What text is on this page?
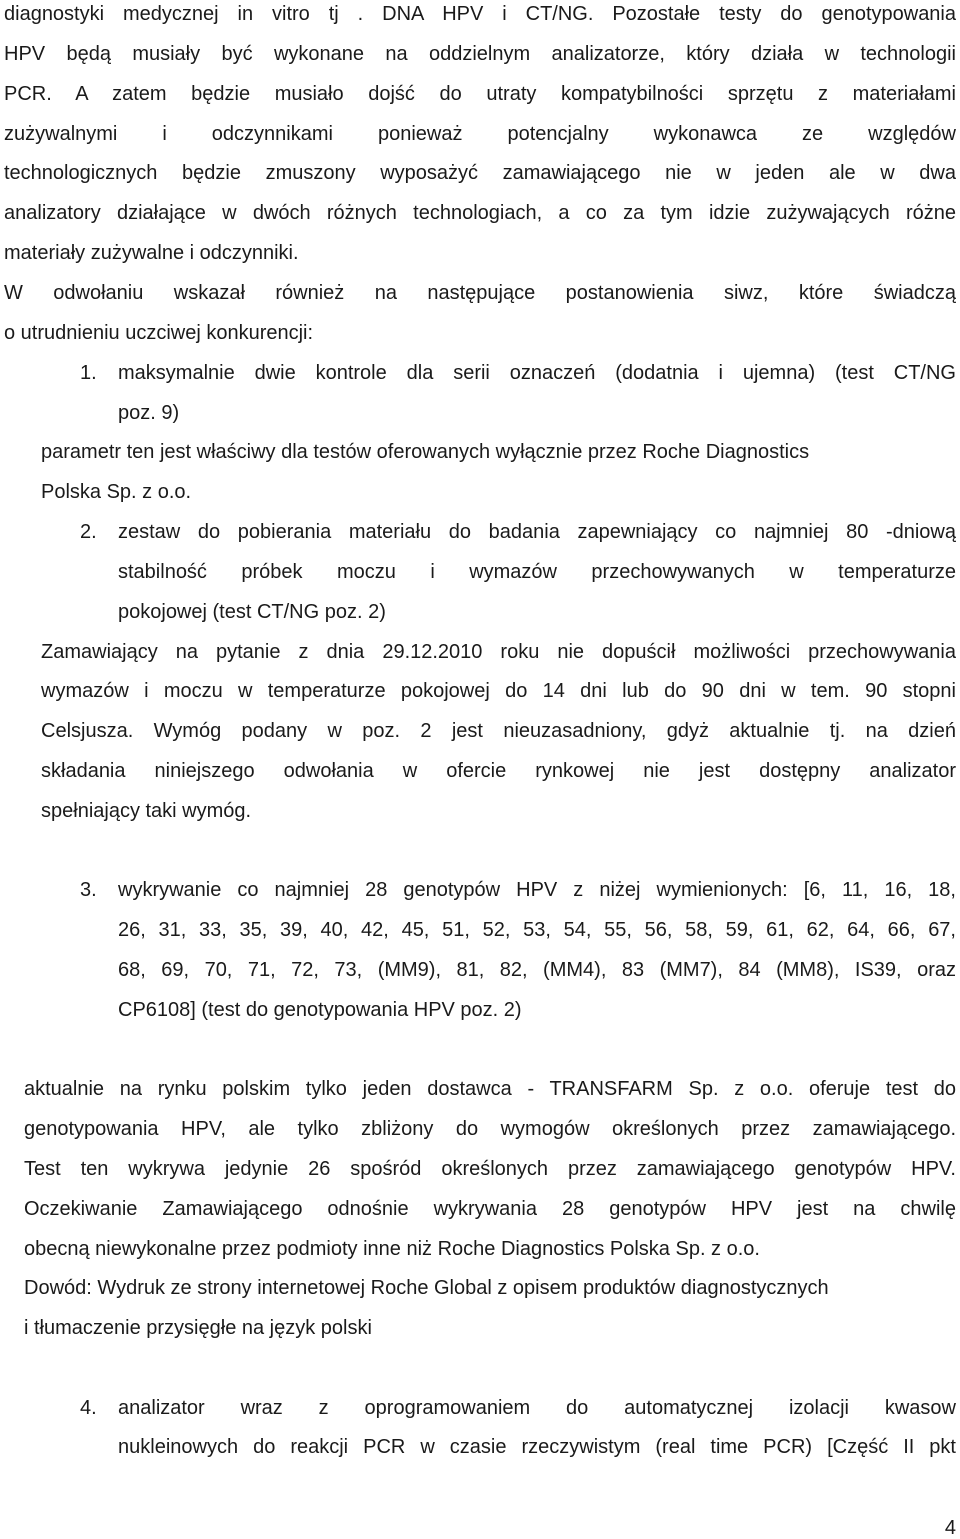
diagnostyki medycznej in vitro tj . DNA HPV i CT/NG. Pozostałe testy do genotypowania
HPV będą musiały być wykonane na oddzielnym analizatorze, który działa w technologii
PCR. A zatem będzie musiało dojść do utraty kompatybilności sprzętu z materiałami
zużywalnymi i odczynnikami ponieważ potencjalny wykonawca ze względów
technologicznych będzie zmuszony wyposażyć zamawiającego nie w jeden ale w dwa
analizatory działające w dwóch różnych technologiach, a co za tym idzie zużywających różne
materiały zużywalne i odczynniki.
W odwołaniu wskazał również na następujące postanowienia siwz, które świadczą
o utrudnieniu uczciwej konkurencji:
1. maksymalnie dwie kontrole dla serii oznaczeń (dodatnia i ujemna) (test CT/NG
poz. 9)
parametr ten jest właściwy dla testów oferowanych wyłącznie przez Roche Diagnostics
Polska Sp. z o.o.
2. zestaw do pobierania materiału do badania zapewniający co najmniej 80 -dniową
stabilność próbek moczu i wymazów przechowywanych w temperaturze
pokojowej (test CT/NG poz. 2)
Zamawiający na pytanie z dnia 29.12.2010 roku nie dopuścił możliwości przechowywania
wymazów i moczu w temperaturze pokojowej do 14 dni lub do 90 dni w tem. 90 stopni
Celsjusza. Wymóg podany w poz. 2 jest nieuzasadniony, gdyż aktualnie tj. na dzień
składania niniejszego odwołania w ofercie rynkowej nie jest dostępny analizator
spełniający taki wymóg.
3. wykrywanie co najmniej 28 genotypów HPV z niżej wymienionych: [6, 11, 16, 18,
26, 31, 33, 35, 39, 40, 42, 45, 51, 52, 53, 54, 55, 56, 58, 59, 61, 62, 64, 66, 67,
68, 69, 70, 71, 72, 73, (MM9), 81, 82, (MM4), 83 (MM7), 84 (MM8), IS39, oraz
CP6108] (test do genotypowania HPV poz. 2)
aktualnie na rynku polskim tylko jeden dostawca - TRANSFARM Sp. z o.o. oferuje test do
genotypowania HPV, ale tylko zbliżony do wymogów określonych przez zamawiającego.
Test ten wykrywa jedynie 26 spośród określonych przez zamawiającego genotypów HPV.
Oczekiwanie Zamawiającego odnośnie wykrywania 28 genotypów HPV jest na chwilę
obecną niewykonalne przez podmioty inne niż Roche Diagnostics Polska Sp. z o.o.
Dowód: Wydruk ze strony internetowej Roche Global z opisem produktów diagnostycznych
i tłumaczenie przysięgłe na język polski
4. analizator wraz z oprogramowaniem do automatycznej izolacji kwasow
nukleinowych do reakcji PCR w czasie rzeczywistym (real time PCR) [Część II pkt
4
